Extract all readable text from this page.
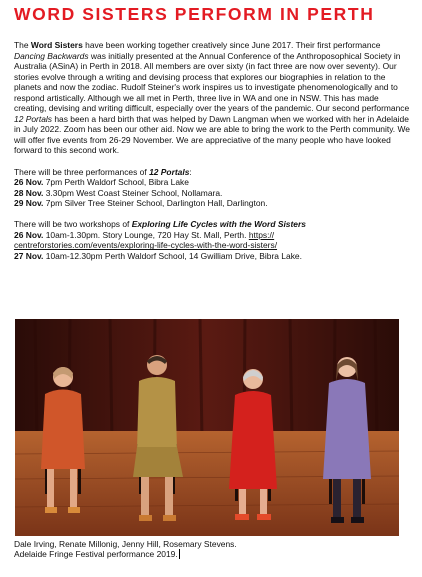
WORD SISTERS PERFORM IN PERTH

The Word Sisters have been working together creatively since June 2017. Their first performance Dancing Backwards was initially presented at the Annual Conference of the Anthroposophical Society in Australia (ASinA) in Perth in 2018. All members are over sixty (in fact three are now over seventy). Our stories evolve through a writing and devising process that explores our biographies in relation to the planets and now the zodiac. Rudolf Steiner's work inspires us to investigate phenomenologically and to respond artistically. Although we all met in Perth, three live in WA and one in NSW. This has made creating, devising and writing difficult, especially over the years of the pandemic. Our second performance 12 Portals has been a hard birth that was helped by Dawn Langman when we worked with her in Adelaide in July 2022. Zoom has been our other aid. Now we are able to bring the work to the Perth community. We will offer five events from 26-29 November. We are appreciative of the many people who have looked forward to this second work.

There will be three performances of 12 Portals:

26 Nov. 7pm Perth Waldorf School, Bibra Lake

28 Nov. 3.30pm West Coast Steiner School, Nollamara.

29 Nov. 7pm Silver Tree Steiner School, Darlington Hall, Darlington.

There will be two workshops of Exploring Life Cycles with the Word Sisters

26 Nov. 10am-1.30pm. Story Lounge, 720 Hay St. Mall, Perth. https://

centreforstories.com/events/exploring-life-cycles-with-the-word-sisters/

27 Nov. 10am-12.30pm Perth Waldorf School, 14 Gwilliam Drive, Bibra Lake.

Dale Irving, Renate Millonig, Jenny Hill, Rosemary Stevens.
Adelaide Fringe Festival performance 2019.
